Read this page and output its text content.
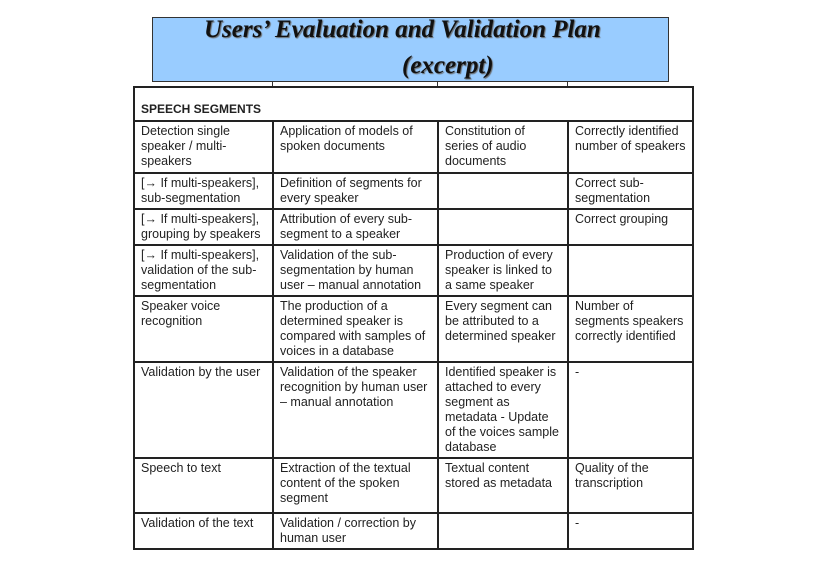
Users’ Evaluation and Validation Plan
(excerpt)
SPEECH SEGMENTS			
Detection single speaker / multi-speakers	Application of models of spoken documents	Constitution of series of audio documents	Correctly identified number of speakers
[→ If multi-speakers], sub-segmentation	Definition of segments for every speaker		Correct sub-segmentation
[→ If multi-speakers], grouping by speakers	Attribution of every sub-segment to a speaker		Correct grouping
[→ If multi-speakers], validation of the sub-segmentation	Validation of the sub-segmentation by human user – manual annotation	Production of every speaker is linked to a same speaker	
Speaker voice recognition	The production of a determined speaker is compared with samples of voices in a database	Every segment can be attributed to a determined speaker	Number of segments speakers correctly identified
Validation by the user	Validation of the speaker recognition by human user – manual annotation	Identified speaker is attached to every segment as metadata - Update of the voices sample database	-
Speech to text	Extraction of the textual content of the spoken segment	Textual content stored as metadata	Quality of the transcription
Validation of the text	Validation / correction by human user		-
